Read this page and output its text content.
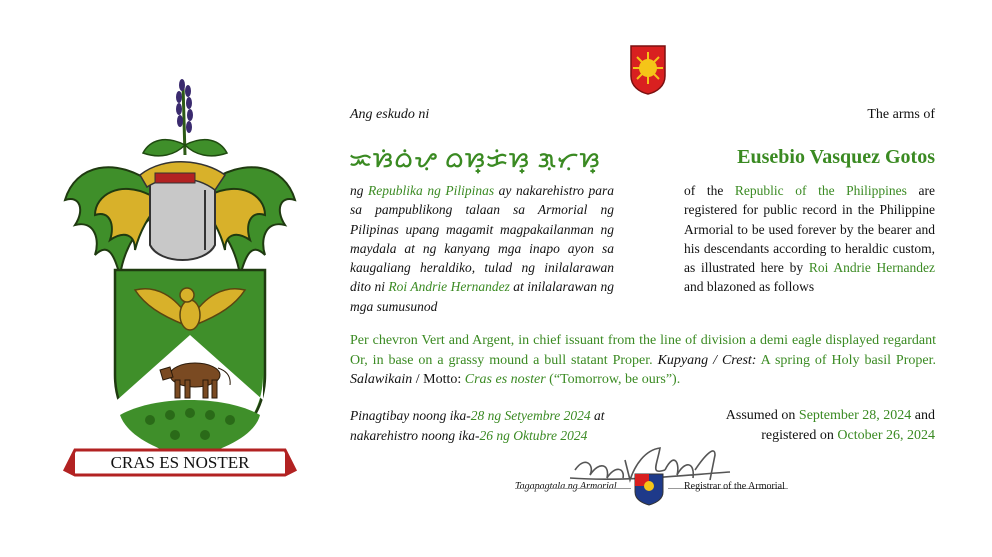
CRAS ES NOSTER
Ang eskudo ni
ᜁᜐᜒᜊᜒᜌᜓ ᜊᜐ᜔ᜃᜒᜐ᜔ ᜄᜓᜆᜓᜐ᜔
ng Republika ng Pilipinas ay nakarehistro para sa pampublikong talaan sa Armorial ng Pilipinas upang magamit magpakailanman ng maydala at ng kanyang mga inapo ayon sa kaugaliang heraldiko, tulad ng inilalarawan dito ni Roi Andrie Hernandez at inilalarawan ng mga sumusunod
The arms of
Eusebio Vasquez Gotos
of the Republic of the Philippines are registered for public record in the Philippine Armorial to be used forever by the bearer and his descendants according to heraldic custom, as illustrated here by Roi Andrie Hernandez and blazoned as follows
Per chevron Vert and Argent, in chief issuant from the line of division a demi eagle displayed regardant Or, in base on a grassy mound a bull statant Proper. Kupyang / Crest: A spring of Holy basil Proper. Salawikain / Motto: Cras es noster (“Tomorrow, be ours”).
Pinagtibay noong ika-28 ng Setyembre 2024 at
nakarehistro noong ika-26 ng Oktubre 2024
Assumed on September 28, 2024 and
registered on October 26, 2024
Tagapagtala ng Armorial	Registrar of the Armorial
